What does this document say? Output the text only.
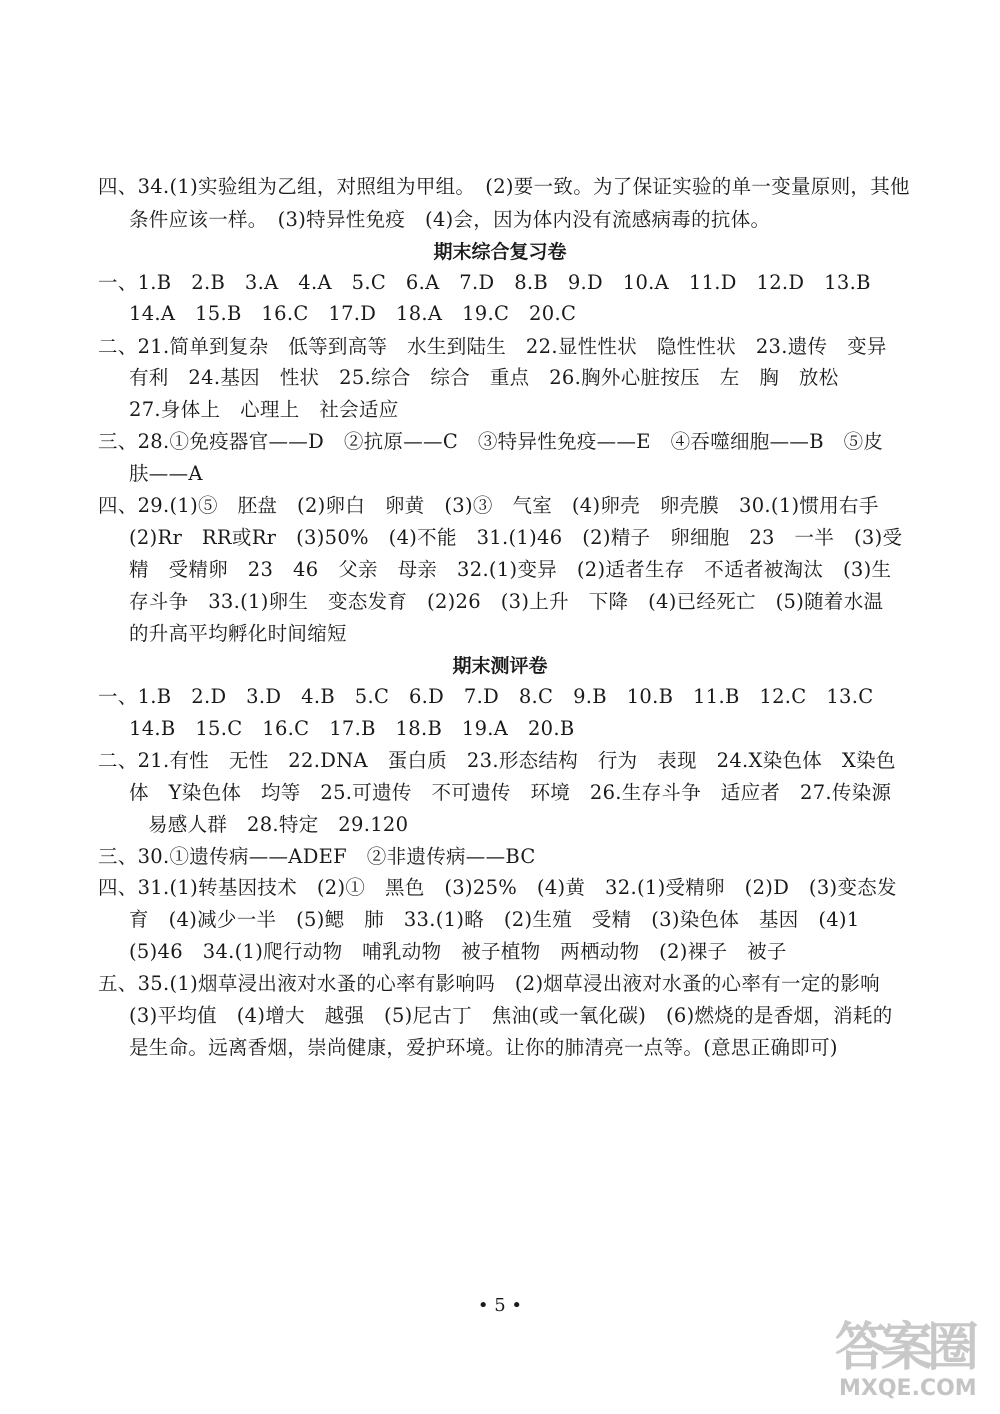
四、34.(1)实验组为乙组，对照组为甲组。　(2)要一致。为了保证实验的单一变量原则，其他
条件应该一样。　(3)特异性免疫　(4)会，因为体内没有流感病毒的抗体。
期末综合复习卷
一、1.B　2.B　3.A　4.A　5.C　6.A　7.D　8.B　9.D　10.A　11.D　12.D　13.B
14.A　15.B　16.C　17.D　18.A　19.C　20.C
二、21.简单到复杂　低等到高等　水生到陆生　22.显性性状　隐性性状　23.遗传　变异
有利　24.基因　性状　25.综合　综合　重点　26.胸外心脏按压　左　胸　放松
27.身体上　心理上　社会适应
三、28.①免疫器官——D　②抗原——C　③特异性免疫——E　④吞噬细胞——B　⑤皮
肤——A
四、29.(1)⑤　胚盘　(2)卵白　卵黄　(3)③　气室　(4)卵壳　卵壳膜　30.(1)惯用右手
(2)Rr　RR或Rr　(3)50%　(4)不能　31.(1)46　(2)精子　卵细胞　23　一半　(3)受
精　受精卵　23　46　父亲　母亲　32.(1)变异　(2)适者生存　不适者被淘汰　(3)生
存斗争　33.(1)卵生　变态发育　(2)26　(3)上升　下降　(4)已经死亡　(5)随着水温
的升高平均孵化时间缩短
期末测评卷
一、1.B　2.D　3.D　4.B　5.C　6.D　7.D　8.C　9.B　10.B　11.B　12.C　13.C
14.B　15.C　16.C　17.B　18.B　19.A　20.B
二、21.有性　无性　22.DNA　蛋白质　23.形态结构　行为　表现　24.X染色体　X染色
体　Y染色体　均等　25.可遗传　不可遗传　环境　26.生存斗争　适应者　27.传染源
易感人群　28.特定　29.120
三、30.①遗传病——ADEF　②非遗传病——BC
四、31.(1)转基因技术　(2)①　黑色　(3)25%　(4)黄　32.(1)受精卵　(2)D　(3)变态发
育　(4)减少一半　(5)鳃　肺　33.(1)略　(2)生殖　受精　(3)染色体　基因　(4)1
(5)46　34.(1)爬行动物　哺乳动物　被子植物　两栖动物　(2)裸子　被子
五、35.(1)烟草浸出液对水蚤的心率有影响吗　(2)烟草浸出液对水蚤的心率有一定的影响
(3)平均值　(4)增大　越强　(5)尼古丁　焦油(或一氧化碳)　(6)燃烧的是香烟，消耗的
是生命。远离香烟，崇尚健康，爱护环境。让你的肺清亮一点等。(意思正确即可)
• 5 •
答案圈
MXQE.COM
